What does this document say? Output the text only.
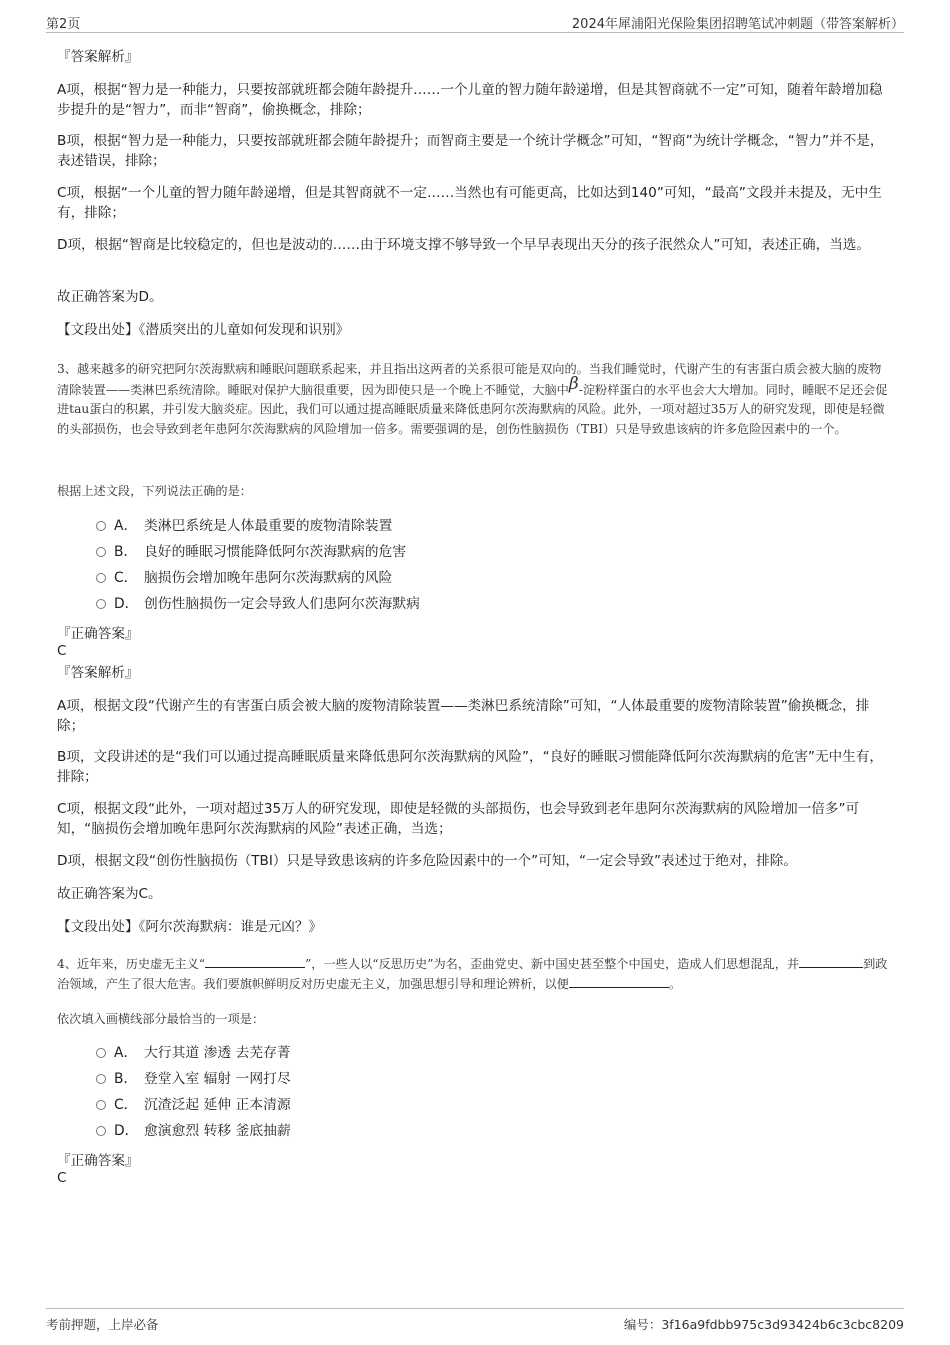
第2页	2024年犀浦阳光保险集团招聘笔试冲刺题（带答案解析）
『答案解析』
A项，根据“智力是一种能力，只要按部就班都会随年龄提升……一个儿童的智力随年龄递增，但是其智商就不一定”可知，随着年龄增加稳步提升的是“智力”，而非“智商”，偷换概念，排除；
B项，根据“智力是一种能力，只要按部就班都会随年龄提升；而智商主要是一个统计学概念”可知，“智商”为统计学概念，“智力”并不是，表述错误，排除；
C项，根据“一个儿童的智力随年龄递增，但是其智商就不一定……当然也有可能更高，比如达到140”可知，“最高”文段并未提及，无中生有，排除；
D项，根据“智商是比较稳定的，但也是波动的……由于环境支撑不够导致一个早早表现出天分的孩子泯然众人”可知，表述正确，当选。
故正确答案为D。
【文段出处】《潜质突出的儿童如何发现和识别》
3、越来越多的研究把阿尔茨海默病和睡眠问题联系起来，并且指出这两者的关系很可能是双向的。当我们睡觉时，代谢产生的有害蛋白质会被大脑的废物清除装置——类淋巴系统清除。睡眠对保护大脑很重要，因为即使只是一个晚上不睡觉，大脑中β-淀粉样蛋白的水平也会大大增加。同时，睡眠不足还会促进tau蛋白的积累，并引发大脑炎症。因此，我们可以通过提高睡眠质量来降低患阿尔茨海默病的风险。此外，一项对超过35万人的研究发现，即使是轻微的头部损伤，也会导致到老年患阿尔茨海默病的风险增加一倍多。需要强调的是，创伤性脑损伤（TBI）只是导致患该病的许多危险因素中的一个。
根据上述文段，下列说法正确的是：
A． 类淋巴系统是人体最重要的废物清除装置
B． 良好的睡眠习惯能降低阿尔茨海默病的危害
C． 脑损伤会增加晚年患阿尔茨海默病的风险
D． 创伤性脑损伤一定会导致人们患阿尔茨海默病
『正确答案』
C
『答案解析』
A项，根据文段“代谢产生的有害蛋白质会被大脑的废物清除装置——类淋巴系统清除”可知，“人体最重要的废物清除装置”偷换概念，排除；
B项，文段讲述的是“我们可以通过提高睡眠质量来降低患阿尔茨海默病的风险”，“良好的睡眠习惯能降低阿尔茨海默病的危害”无中生有，排除；
C项，根据文段“此外，一项对超过35万人的研究发现，即使是轻微的头部损伤，也会导致到老年患阿尔茨海默病的风险增加一倍多”可知，“脑损伤会增加晚年患阿尔茨海默病的风险”表述正确，当选；
D项，根据文段“创伤性脑损伤（TBI）只是导致患该病的许多危险因素中的一个”可知，“一定会导致”表述过于绝对，排除。
故正确答案为C。
【文段出处】《阿尔茨海默病：谁是元凶？》
4、近年来，历史虚无主义“	”，一些人以“反思历史”为名，歪曲党史、新中国史甚至整个中国史，造成人们思想混乱，并	到政治领域，产生了很大危害。我们要旗帜鲜明反对历史虚无主义，加强思想引导和理论辨析，以便	。
依次填入画横线部分最恰当的一项是：
A． 大行其道 渗透 去芜存菁
B． 登堂入室 辐射 一网打尽
C． 沉渣泛起 延伸 正本清源
D． 愈演愈烈 转移 釜底抽薪
『正确答案』
C
考前押题，上岸必备	编号：3f16a9fdbb975c3d93424b6c3cbc8209
